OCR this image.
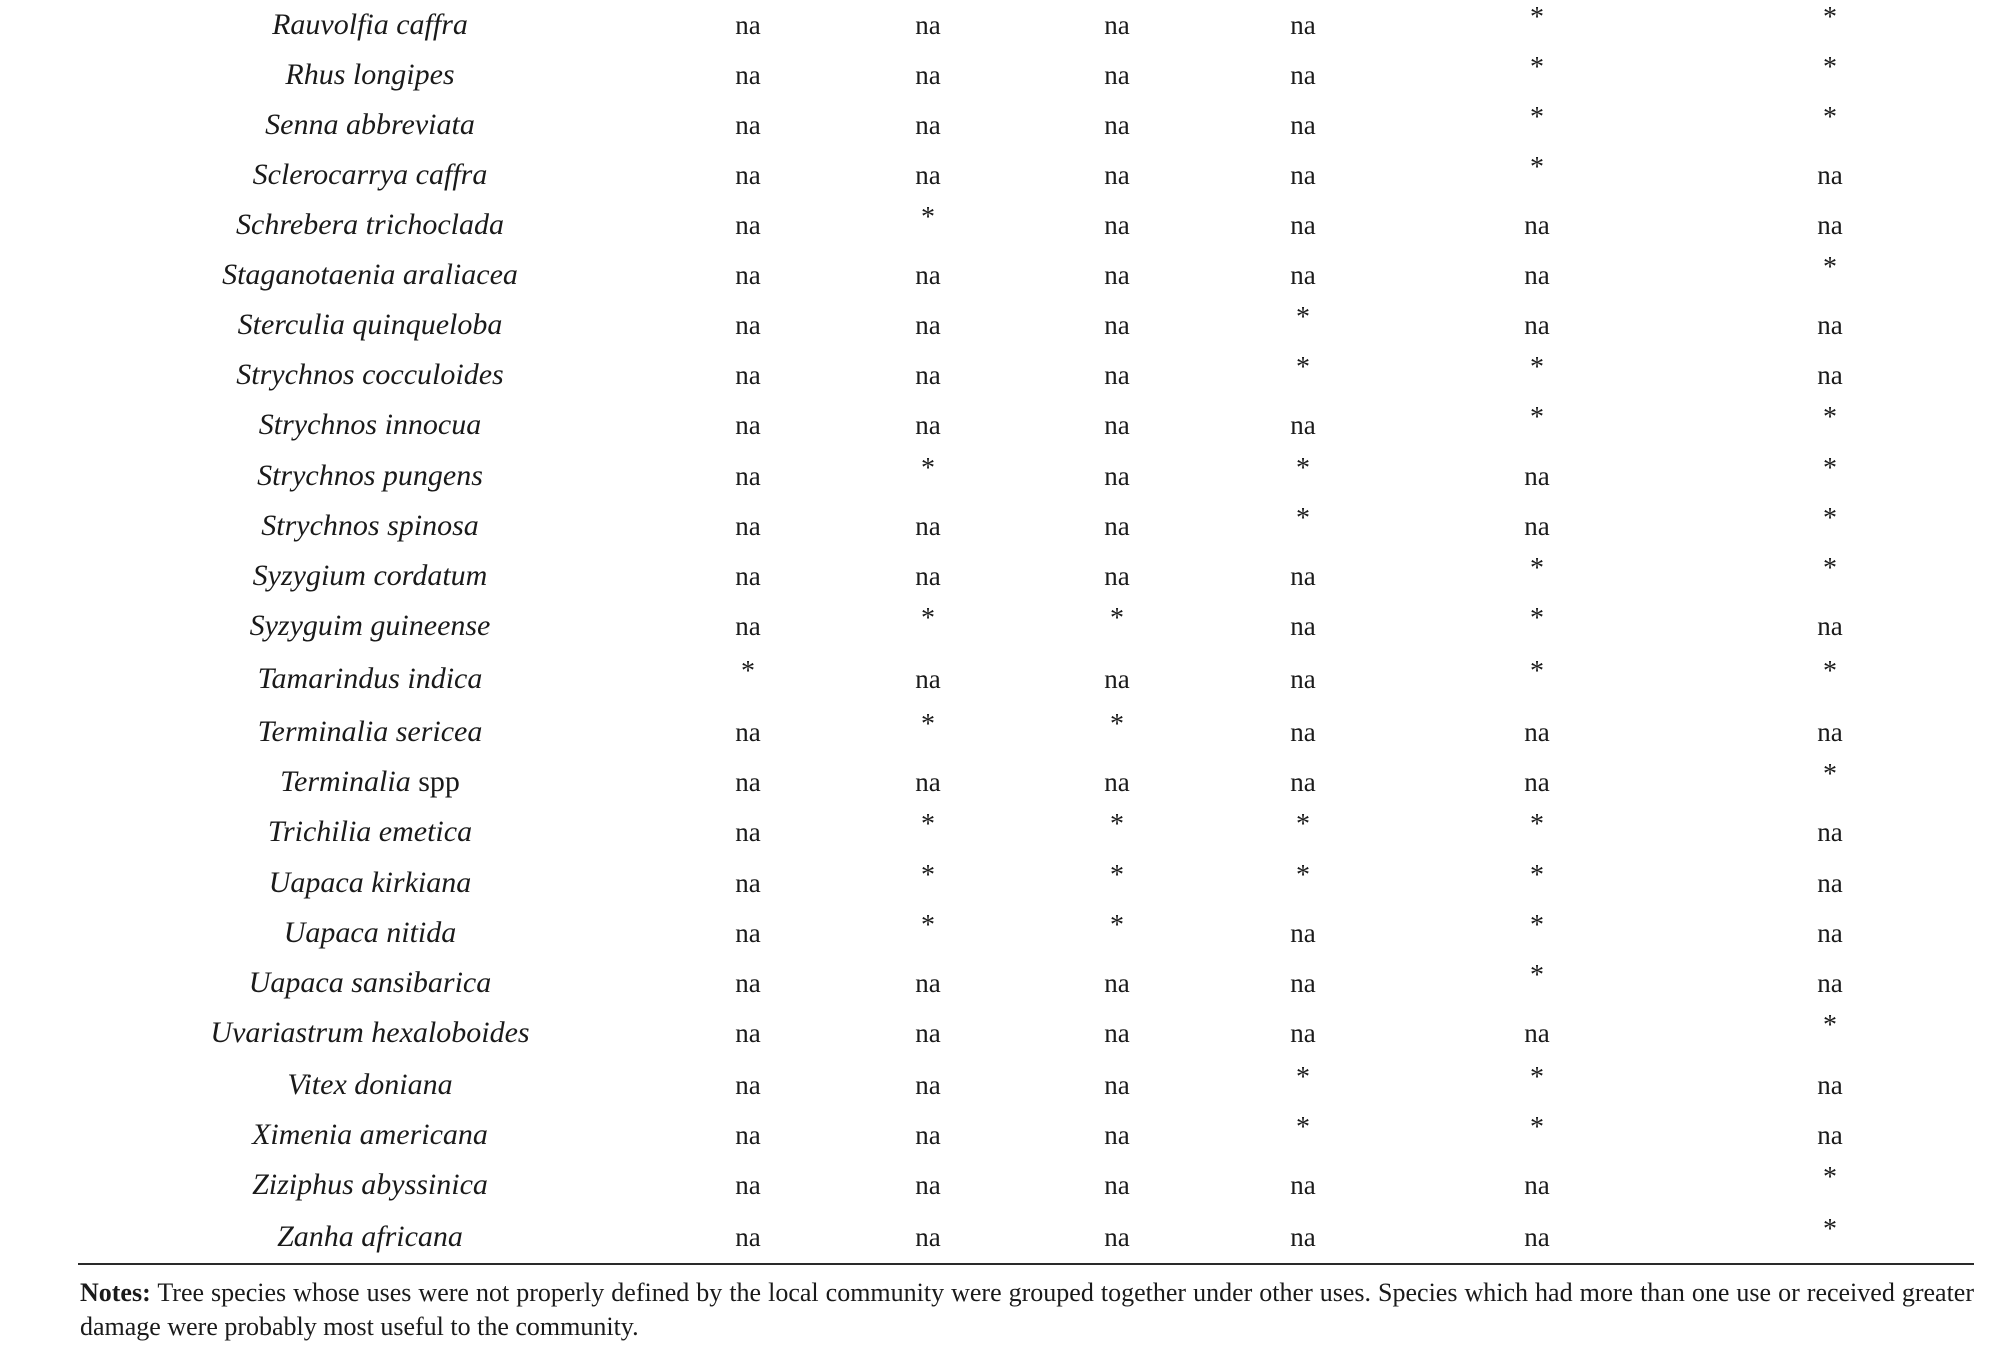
Rauvolfia caffra	na	na	na	na	*	*
Rhus longipes	na	na	na	na	*	*
Senna abbreviata	na	na	na	na	*	*
Sclerocarrya caffra	na	na	na	na	*	na
Schrebera trichoclada	na	*	na	na	na	na
Staganotaenia araliacea	na	na	na	na	na	*
Sterculia quinqueloba	na	na	na	*	na	na
Strychnos cocculoides	na	na	na	*	*	na
Strychnos innocua	na	na	na	na	*	*
Strychnos pungens	na	*	na	*	na	*
Strychnos spinosa	na	na	na	*	na	*
Syzygium cordatum	na	na	na	na	*	*
Syzyguim guineense	na	*	*	na	*	na
Tamarindus indica	*	na	na	na	*	*
Terminalia sericea	na	*	*	na	na	na
Terminalia spp	na	na	na	na	na	*
Trichilia emetica	na	*	*	*	*	na
Uapaca kirkiana	na	*	*	*	*	na
Uapaca nitida	na	*	*	na	*	na
Uapaca sansibarica	na	na	na	na	*	na
Uvariastrum hexaloboides	na	na	na	na	na	*
Vitex doniana	na	na	na	*	*	na
Ximenia americana	na	na	na	*	*	na
Ziziphus abyssinica	na	na	na	na	na	*
Zanha africana	na	na	na	na	na	*
Notes: Tree species whose uses were not properly defined by the local community were grouped together under other uses. Species which had more than one use or received greater damage were probably most useful to the community.
